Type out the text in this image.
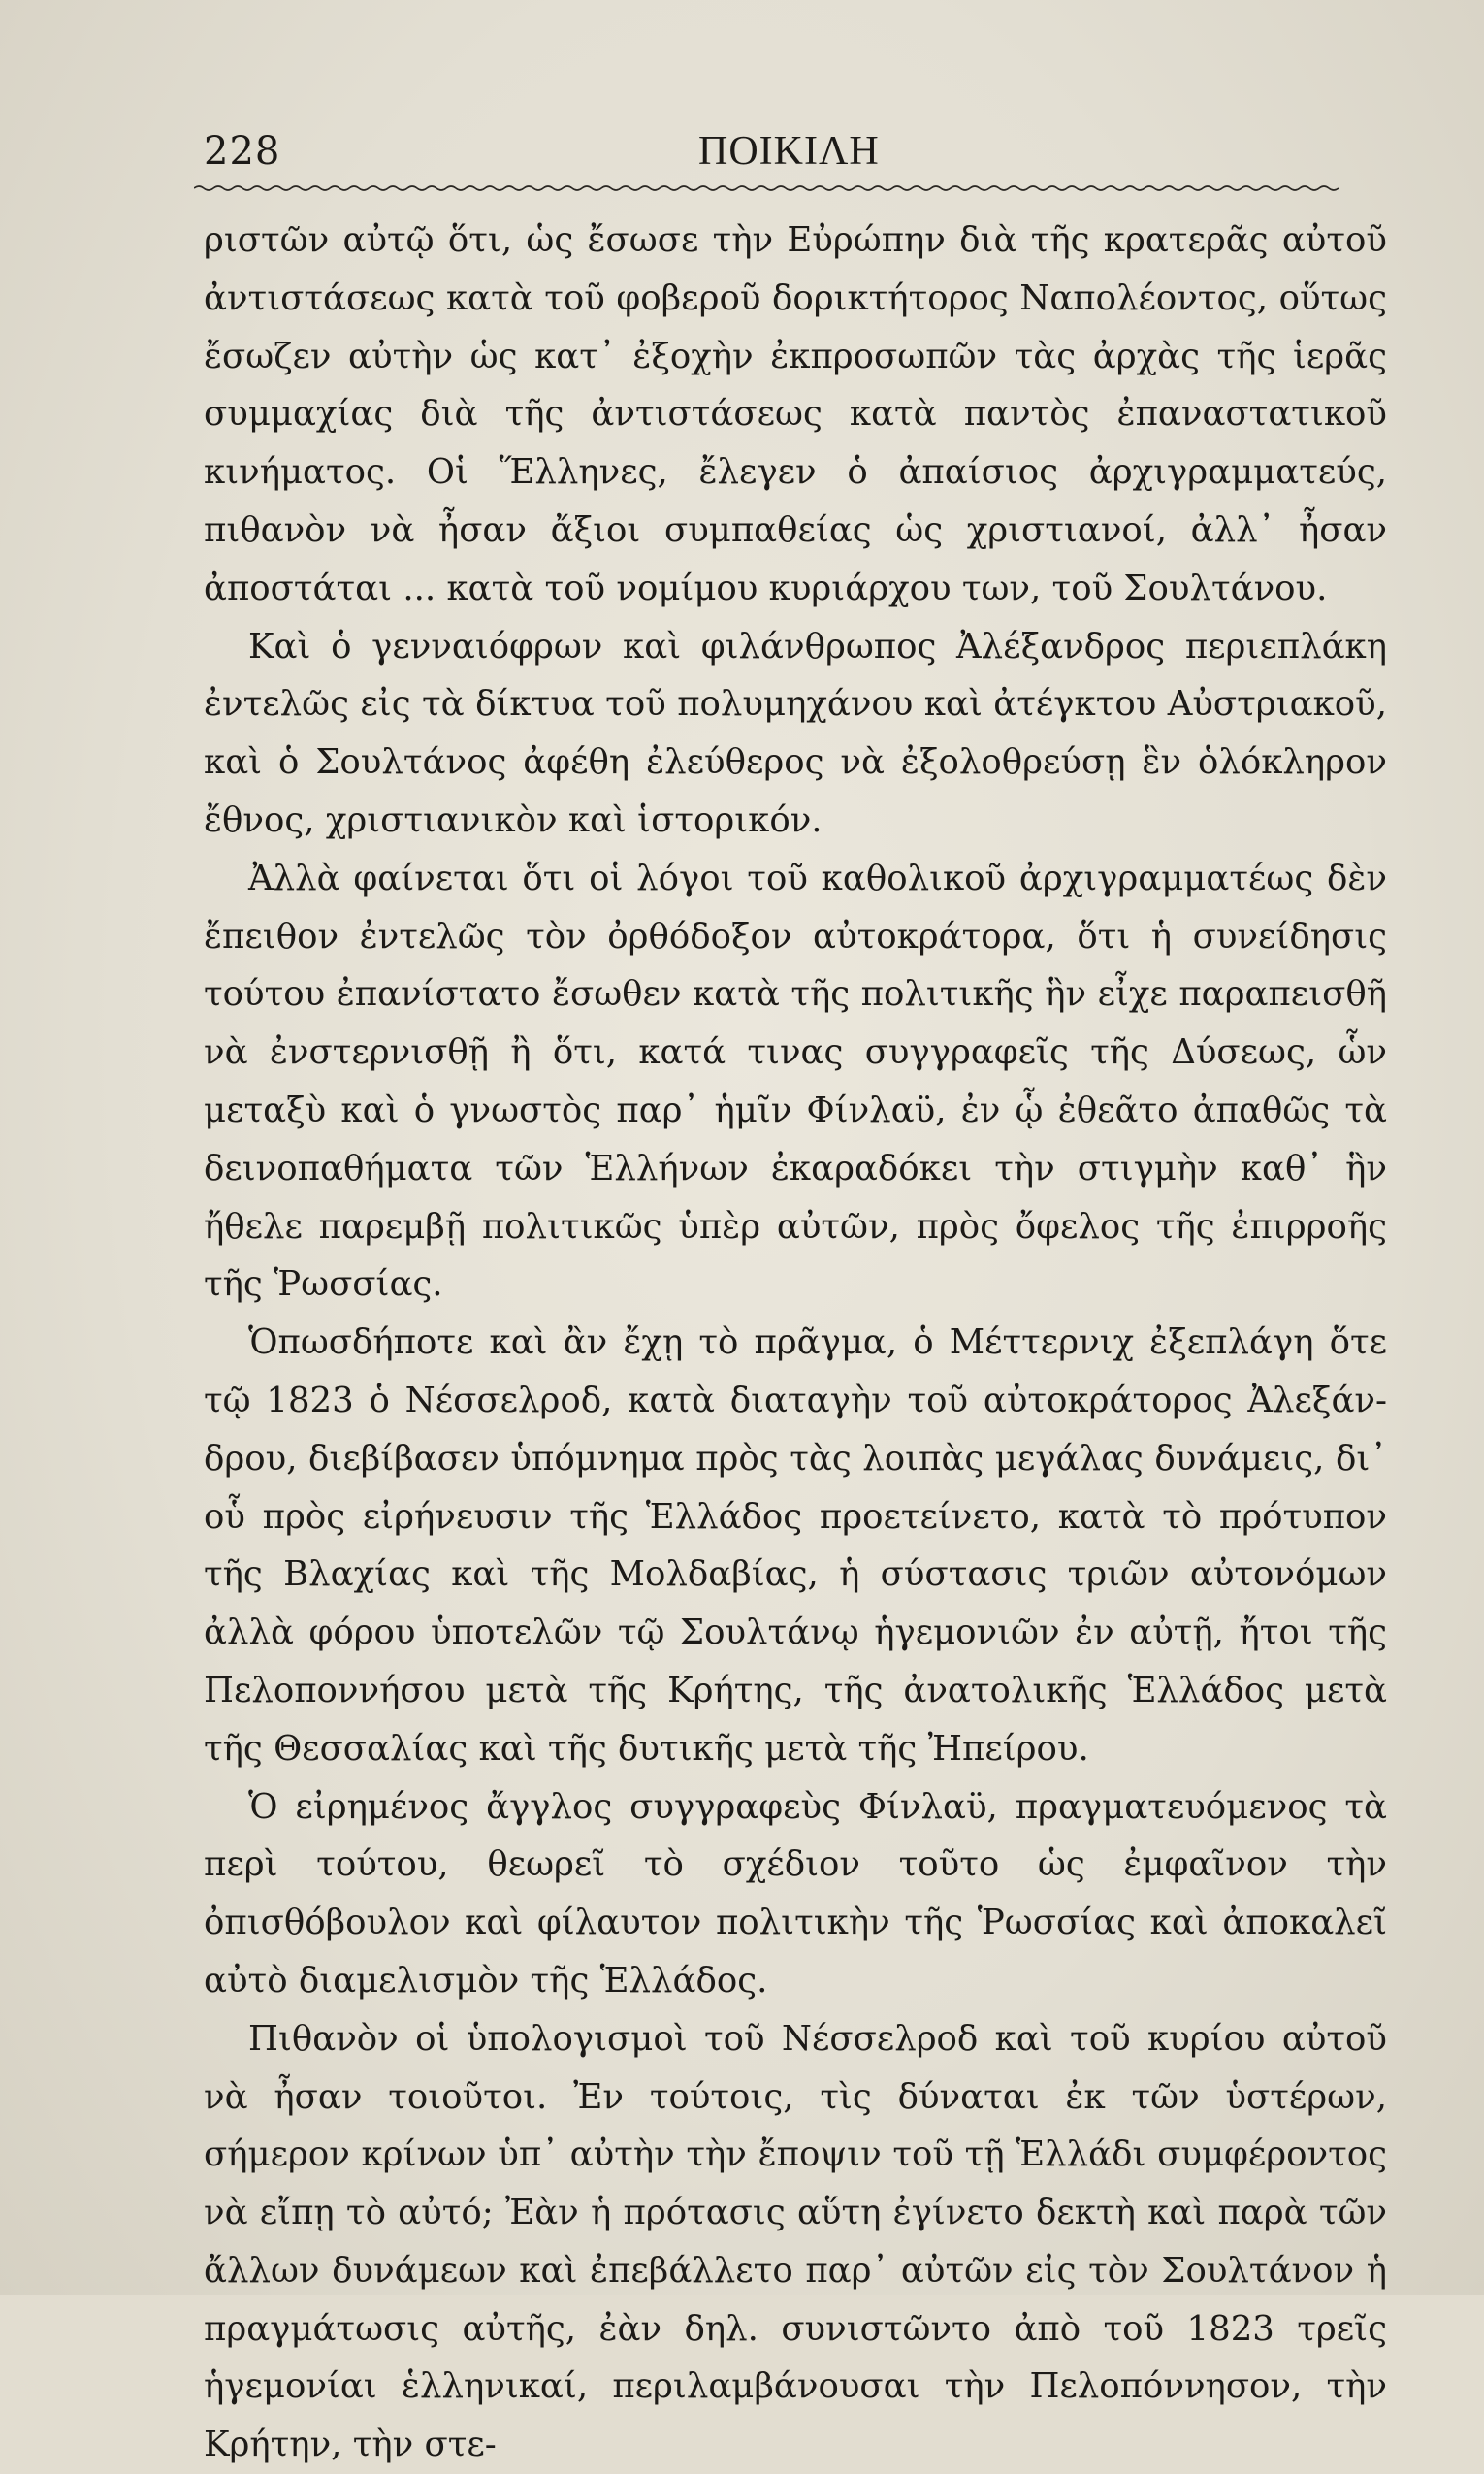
228	ΠΟΙΚΙΛΗ

ριστῶν αὐτῷ ὅτι, ὡς ἔσωσε τὴν Εὐρώπην διὰ τῆς κρατερᾶς αὐτοῦ ἀντιστάσεως κατὰ τοῦ φοβεροῦ δορικτήτορος Ναπολέοντος, οὕτως ἔσωζεν αὐτὴν ὡς κατ᾽ ἐξοχὴν ἐκπροσωπῶν τὰς ἀρχὰς τῆς ἱερᾶς συμμαχίας διὰ τῆς ἀντιστάσεως κατὰ παντὸς ἐπαναστατικοῦ κινήματος. Οἱ Ἕλληνες, ἔλεγεν ὁ ἀπαίσιος ἀρχιγραμματεύς, πιθανὸν νὰ ἦσαν ἄξιοι συμπαθείας ὡς χριστιανοί, ἀλλ᾽ ἦσαν ἀποστάται ... κατὰ τοῦ νομίμου κυριάρχου των, τοῦ Σουλτάνου.

Καὶ ὁ γενναιόφρων καὶ φιλάνθρωπος Ἀλέξανδρος περιεπλάκη ἐντελῶς εἰς τὰ δίκτυα τοῦ πολυμηχάνου καὶ ἀτέγκτου Αὐστριακοῦ, καὶ ὁ Σουλτάνος ἀφέθη ἐλεύθερος νὰ ἐξολοθρεύσῃ ἓν ὁλόκληρον ἔθνος, χριστιανικὸν καὶ ἱστορικόν.

Ἀλλὰ φαίνεται ὅτι οἱ λόγοι τοῦ καθολικοῦ ἀρχιγραμματέως δὲν ἔπειθον ἐντελῶς τὸν ὀρθόδοξον αὐτοκράτορα, ὅτι ἡ συνείδησις τούτου ἐπανίστατο ἔσωθεν κατὰ τῆς πολιτικῆς ἣν εἶχε παραπεισθῆ νὰ ἐνστερνισθῇ ἢ ὅτι, κατά τινας συγγραφεῖς τῆς Δύσεως, ὧν μεταξὺ καὶ ὁ γνωστὸς παρ᾽ ἡμῖν Φίνλαϋ, ἐν ᾧ ἐθεᾶτο ἀπαθῶς τὰ δεινοπαθήματα τῶν Ἑλλήνων ἐκαραδόκει τὴν στιγμὴν καθ᾽ ἣν ἤθελε παρεμβῇ πολιτικῶς ὑπὲρ αὐτῶν, πρὸς ὄφελος τῆς ἐπιρροῆς τῆς Ῥωσσίας.

Ὁπωσδήποτε καὶ ἂν ἔχῃ τὸ πρᾶγμα, ὁ Μέττερνιχ ἐξεπλάγη ὅτε τῷ 1823 ὁ Νέσσελροδ, κατὰ διαταγὴν τοῦ αὐτοκράτορος Ἀλεξάνδρου, διεβίβασεν ὑπόμνημα πρὸς τὰς λοιπὰς μεγάλας δυνάμεις, δι᾽ οὗ πρὸς εἰρήνευσιν τῆς Ἑλλάδος προετείνετο, κατὰ τὸ πρότυπον τῆς Βλαχίας καὶ τῆς Μολδαβίας, ἡ σύστασις τριῶν αὐτονόμων ἀλλὰ φόρου ὑποτελῶν τῷ Σουλτάνῳ ἡγεμονιῶν ἐν αὐτῇ, ἤτοι τῆς Πελοποννήσου μετὰ τῆς Κρήτης, τῆς ἀνατολικῆς Ἑλλάδος μετὰ τῆς Θεσσαλίας καὶ τῆς δυτικῆς μετὰ τῆς Ἠπείρου.

Ὁ εἰρημένος ἄγγλος συγγραφεὺς Φίνλαϋ, πραγματευόμενος τὰ περὶ τούτου, θεωρεῖ τὸ σχέδιον τοῦτο ὡς ἐμφαῖνον τὴν ὀπισθόβουλον καὶ φίλαυτον πολιτικὴν τῆς Ῥωσσίας καὶ ἀποκαλεῖ αὐτὸ διαμελισμὸν τῆς Ἑλλάδος.

Πιθανὸν οἱ ὑπολογισμοὶ τοῦ Νέσσελροδ καὶ τοῦ κυρίου αὐτοῦ νὰ ἦσαν τοιοῦτοι. Ἐν τούτοις, τὶς δύναται ἐκ τῶν ὑστέρων, σήμερον κρίνων ὑπ᾽ αὐτὴν τὴν ἔποψιν τοῦ τῇ Ἑλλάδι συμφέροντος νὰ εἴπῃ τὸ αὐτό; Ἐὰν ἡ πρότασις αὕτη ἐγίνετο δεκτὴ καὶ παρὰ τῶν ἄλλων δυνάμεων καὶ ἐπεβάλλετο παρ᾽ αὐτῶν εἰς τὸν Σουλτάνον ἡ πραγμάτωσις αὐτῆς, ἐὰν δηλ. συνιστῶντο ἀπὸ τοῦ 1823 τρεῖς ἡγεμονίαι ἑλληνικαί, περιλαμβάνουσαι τὴν Πελοπόννησον, τὴν Κρήτην, τὴν στε-
